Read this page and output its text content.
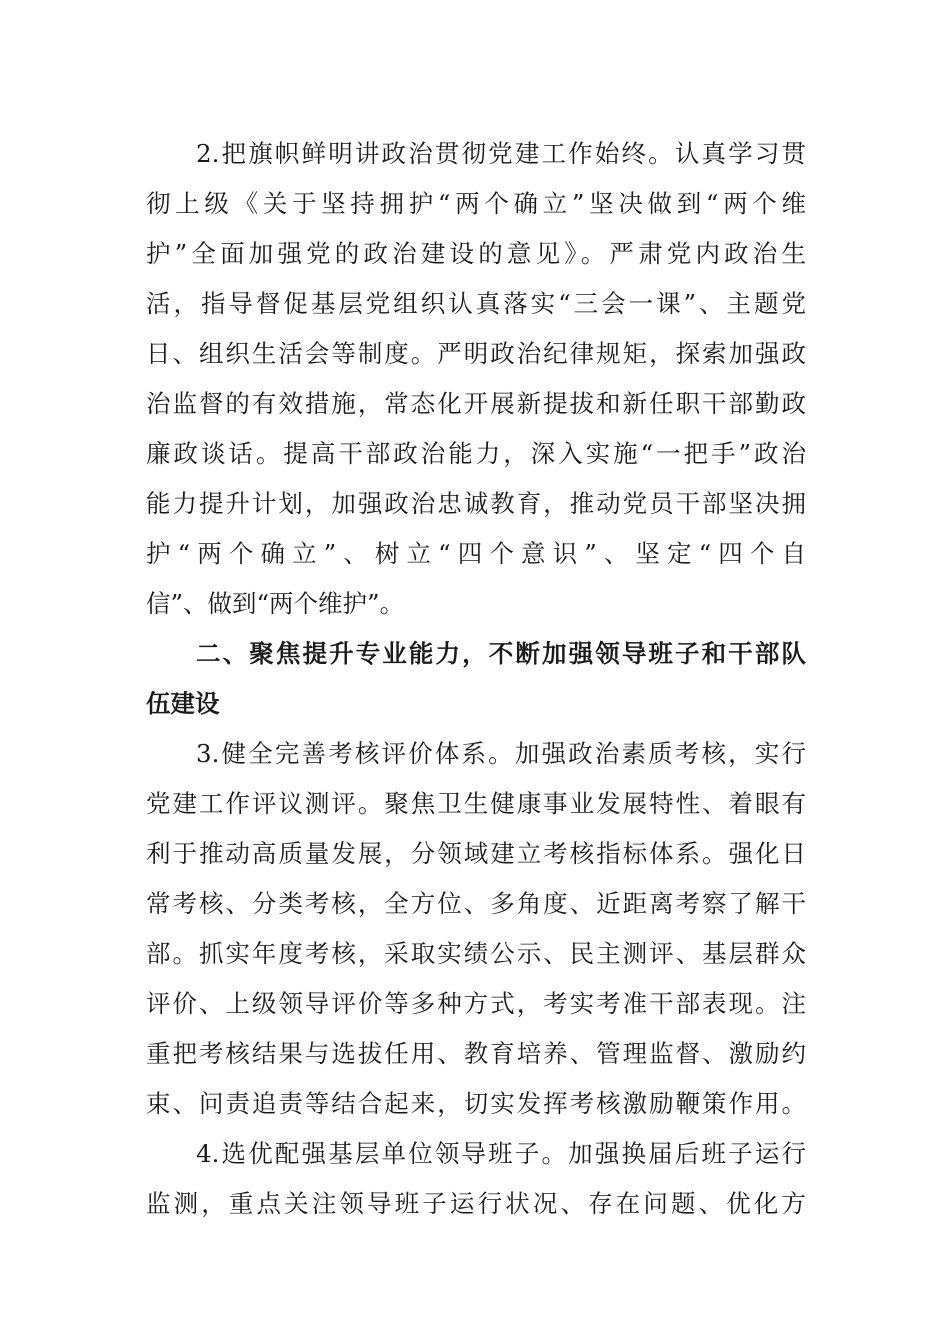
2.把旗帜鲜明讲政治贯彻党建工作始终。认真学习贯
彻上级《关于坚持拥护“两个确立”坚决做到“两个维
护”全面加强党的政治建设的意见》。严肃党内政治生
活，指导督促基层党组织认真落实“三会一课”、主题党
日、组织生活会等制度。严明政治纪律规矩，探索加强政
治监督的有效措施，常态化开展新提拔和新任职干部勤政
廉政谈话。提高干部政治能力，深入实施“一把手”政治
能力提升计划，加强政治忠诚教育，推动党员干部坚决拥
护“两个确立”、树立“四个意识”、坚定“四个自
信”、做到“两个维护”。
二、聚焦提升专业能力，不断加强领导班子和干部队
伍建设
3.健全完善考核评价体系。加强政治素质考核，实行
党建工作评议测评。聚焦卫生健康事业发展特性、着眼有
利于推动高质量发展，分领域建立考核指标体系。强化日
常考核、分类考核，全方位、多角度、近距离考察了解干
部。抓实年度考核，采取实绩公示、民主测评、基层群众
评价、上级领导评价等多种方式，考实考准干部表现。注
重把考核结果与选拔任用、教育培养、管理监督、激励约
束、问责追责等结合起来，切实发挥考核激励鞭策作用。
4.选优配强基层单位领导班子。加强换届后班子运行
监测，重点关注领导班子运行状况、存在问题、优化方
